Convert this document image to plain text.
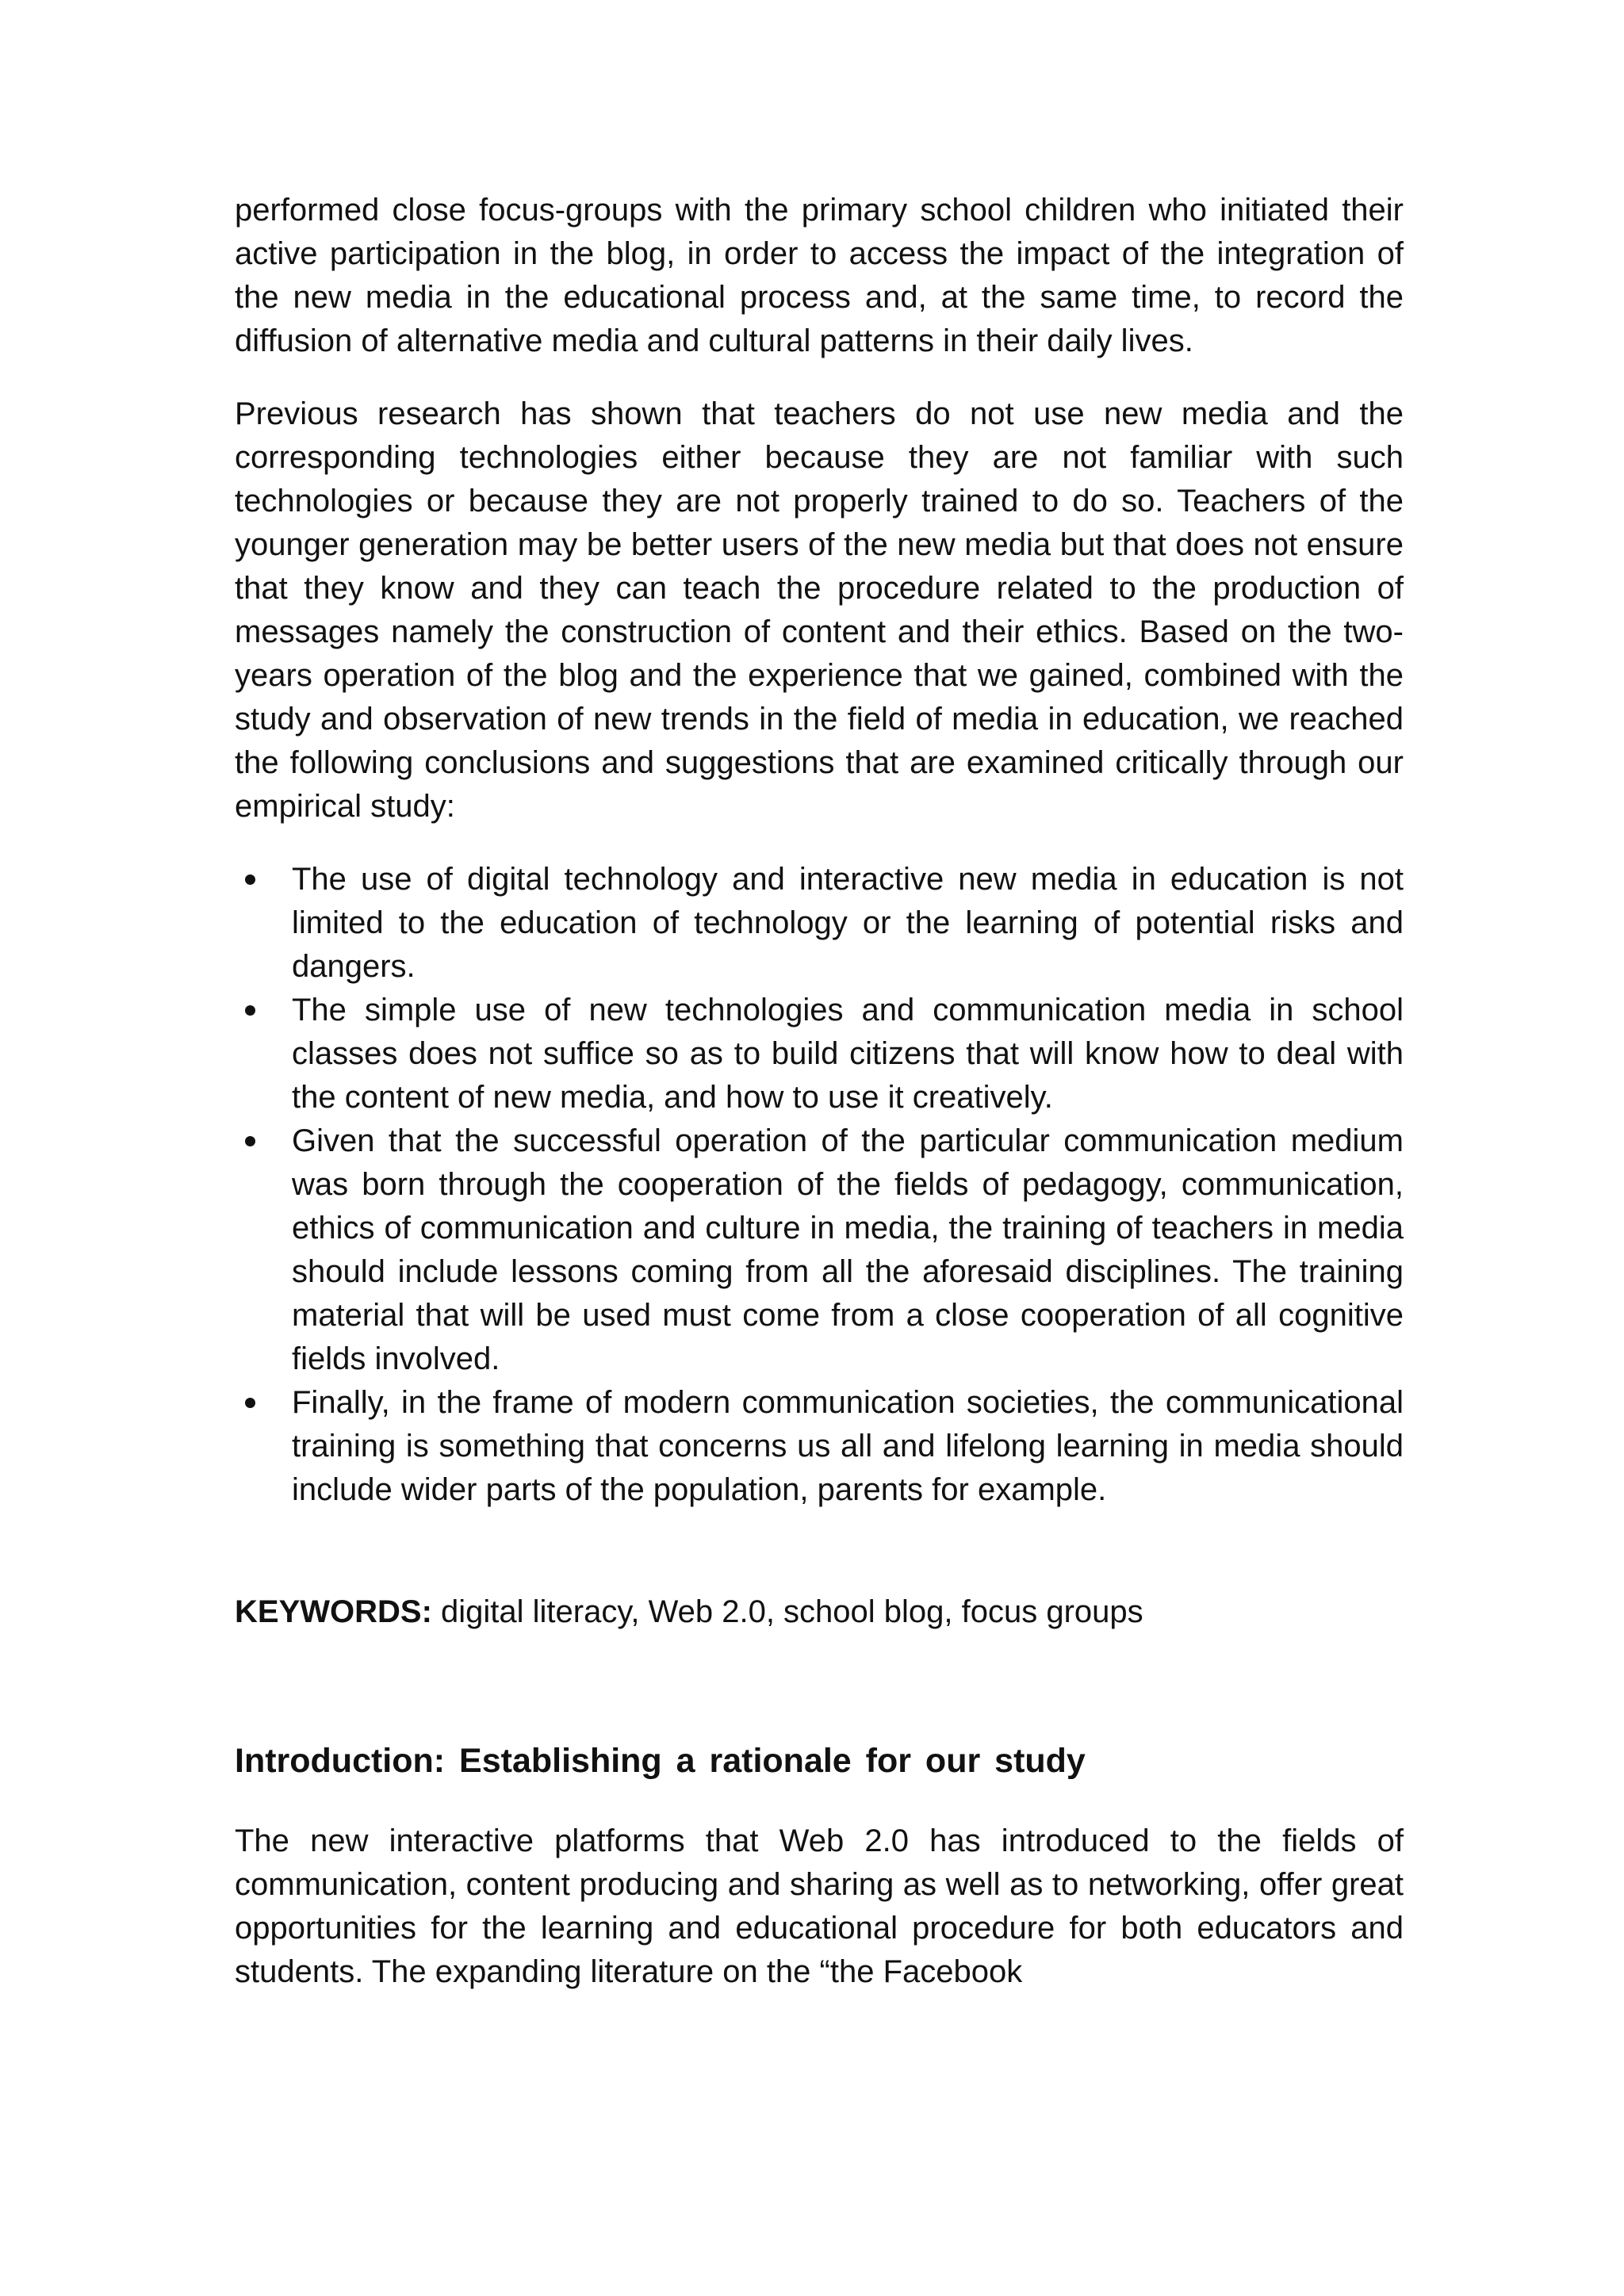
performed close focus-groups with the primary school children who initiated their active participation in the blog, in order to access the impact of the integration of the new media in the educational process and, at the same time, to record the diffusion of alternative media and cultural patterns in their daily lives.

Previous research has shown that teachers do not use new media and the corresponding technologies either because they are not familiar with such technologies or because they are not properly trained to do so. Teachers of the younger generation may be better users of the new media but that does not ensure that they know and they can teach the procedure related to the production of messages namely the construction of content and their ethics. Based on the two-years operation of the blog and the experience that we gained, combined with the study and observation of new trends in the field of media in education, we reached the following conclusions and suggestions that are examined critically through our empirical study:

The use of digital technology and interactive new media in education is not limited to the education of technology or the learning of potential risks and dangers.
The simple use of new technologies and communication media in school classes does not suffice so as to build citizens that will know how to deal with the content of new media, and how to use it creatively.
Given that the successful operation of the particular communication medium was born through the cooperation of the fields of pedagogy, communication, ethics of communication and culture in media, the training of teachers in media should include lessons coming from all the aforesaid disciplines. The training material that will be used must come from a close cooperation of all cognitive fields involved.
Finally, in the frame of modern communication societies, the communicational training is something that concerns us all and lifelong learning in media should include wider parts of the population, parents for example.
KEYWORDS: digital literacy, Web 2.0, school blog, focus groups
Introduction: Establishing a rationale for our study

The new interactive platforms that Web 2.0 has introduced to the fields of communication, content producing and sharing as well as to networking, offer great opportunities for the learning and educational procedure for both educators and students. The expanding literature on the “the Facebook
